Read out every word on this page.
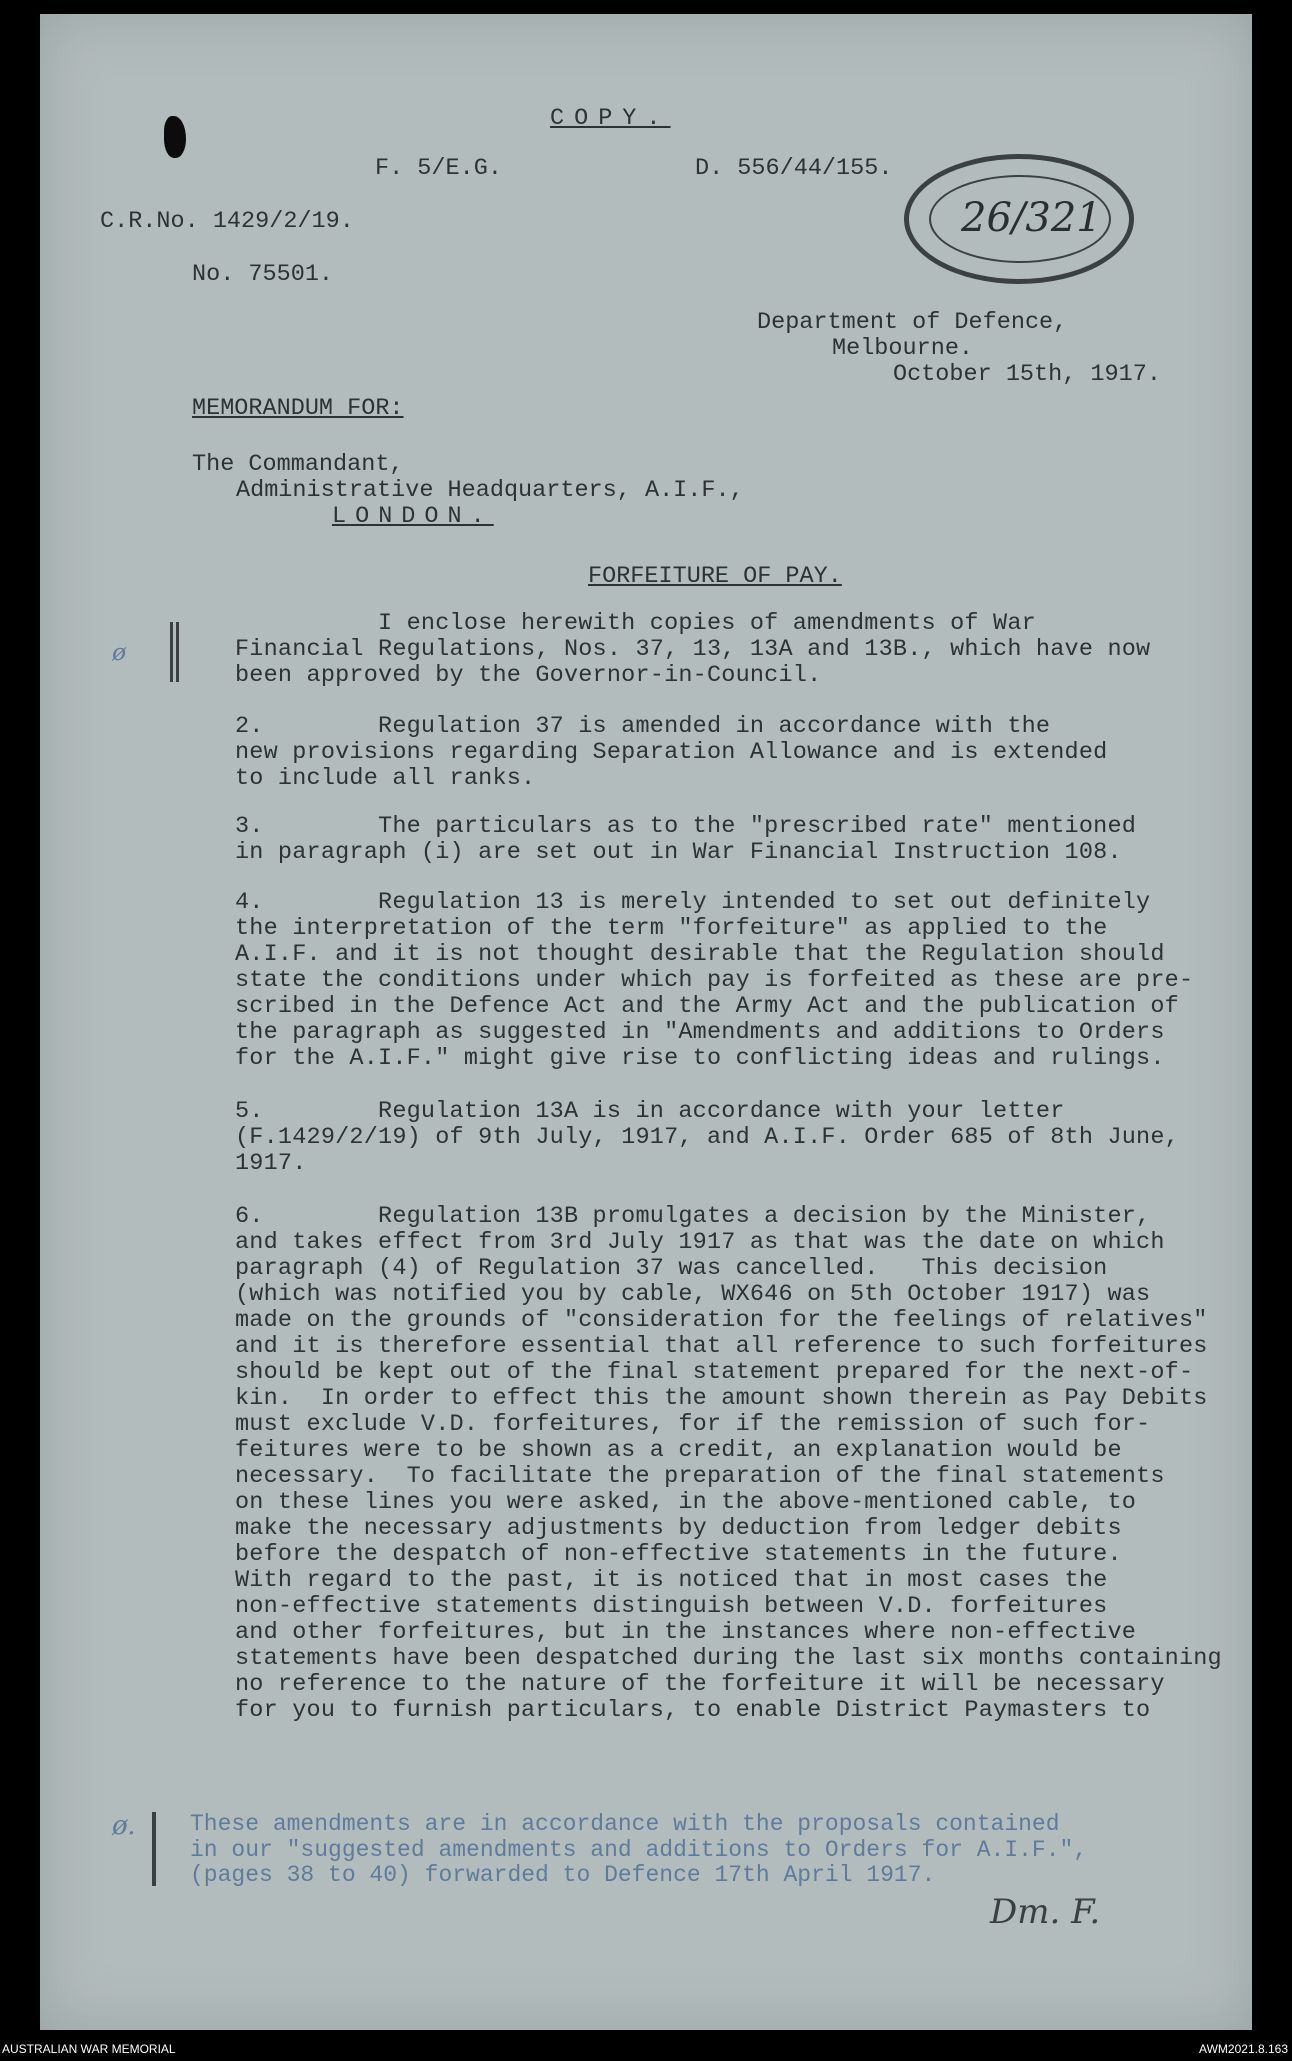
COPY.
F. 5/E.G.	D. 556/44/155.
26/321
C.R.No. 1429/2/19.
No. 75501.
Department of Defence,
Melbourne.
October 15th, 1917.
MEMORANDUM FOR:
The Commandant,
Administrative Headquarters, A.I.F.,
LONDON.
FORFEITURE OF PAY.
ø
I enclose herewith copies of amendments of War
Financial Regulations, Nos. 37, 13, 13A and 13B., which have now
been approved by the Governor-in-Council.
2.        Regulation 37 is amended in accordance with the
new provisions regarding Separation Allowance and is extended
to include all ranks.
3.        The particulars as to the "prescribed rate" mentioned
in paragraph (i) are set out in War Financial Instruction 108.
4.        Regulation 13 is merely intended to set out definitely
the interpretation of the term "forfeiture" as applied to the
A.I.F. and it is not thought desirable that the Regulation should
state the conditions under which pay is forfeited as these are pre-
scribed in the Defence Act and the Army Act and the publication of
the paragraph as suggested in "Amendments and additions to Orders
for the A.I.F." might give rise to conflicting ideas and rulings.
5.        Regulation 13A is in accordance with your letter
(F.1429/2/19) of 9th July, 1917, and A.I.F. Order 685 of 8th June,
1917.
6.        Regulation 13B promulgates a decision by the Minister,
and takes effect from 3rd July 1917 as that was the date on which
paragraph (4) of Regulation 37 was cancelled.   This decision
(which was notified you by cable, WX646 on 5th October 1917) was
made on the grounds of "consideration for the feelings of relatives"
and it is therefore essential that all reference to such forfeitures
should be kept out of the final statement prepared for the next-of-
kin.  In order to effect this the amount shown therein as Pay Debits
must exclude V.D. forfeitures, for if the remission of such for-
feitures were to be shown as a credit, an explanation would be
necessary.  To facilitate the preparation of the final statements
on these lines you were asked, in the above-mentioned cable, to
make the necessary adjustments by deduction from ledger debits
before the despatch of non-effective statements in the future.
With regard to the past, it is noticed that in most cases the
non-effective statements distinguish between V.D. forfeitures
and other forfeitures, but in the instances where non-effective
statements have been despatched during the last six months containing
no reference to the nature of the forfeiture it will be necessary
for you to furnish particulars, to enable District Paymasters to
ø. These amendments are in accordance with the proposals contained
in our "suggested amendments and additions to Orders for A.I.F.",
(pages 38 to 40) forwarded to Defence 17th April 1917.
Dm. F.
AUSTRALIAN WAR MEMORIAL	AWM2021.8.163
